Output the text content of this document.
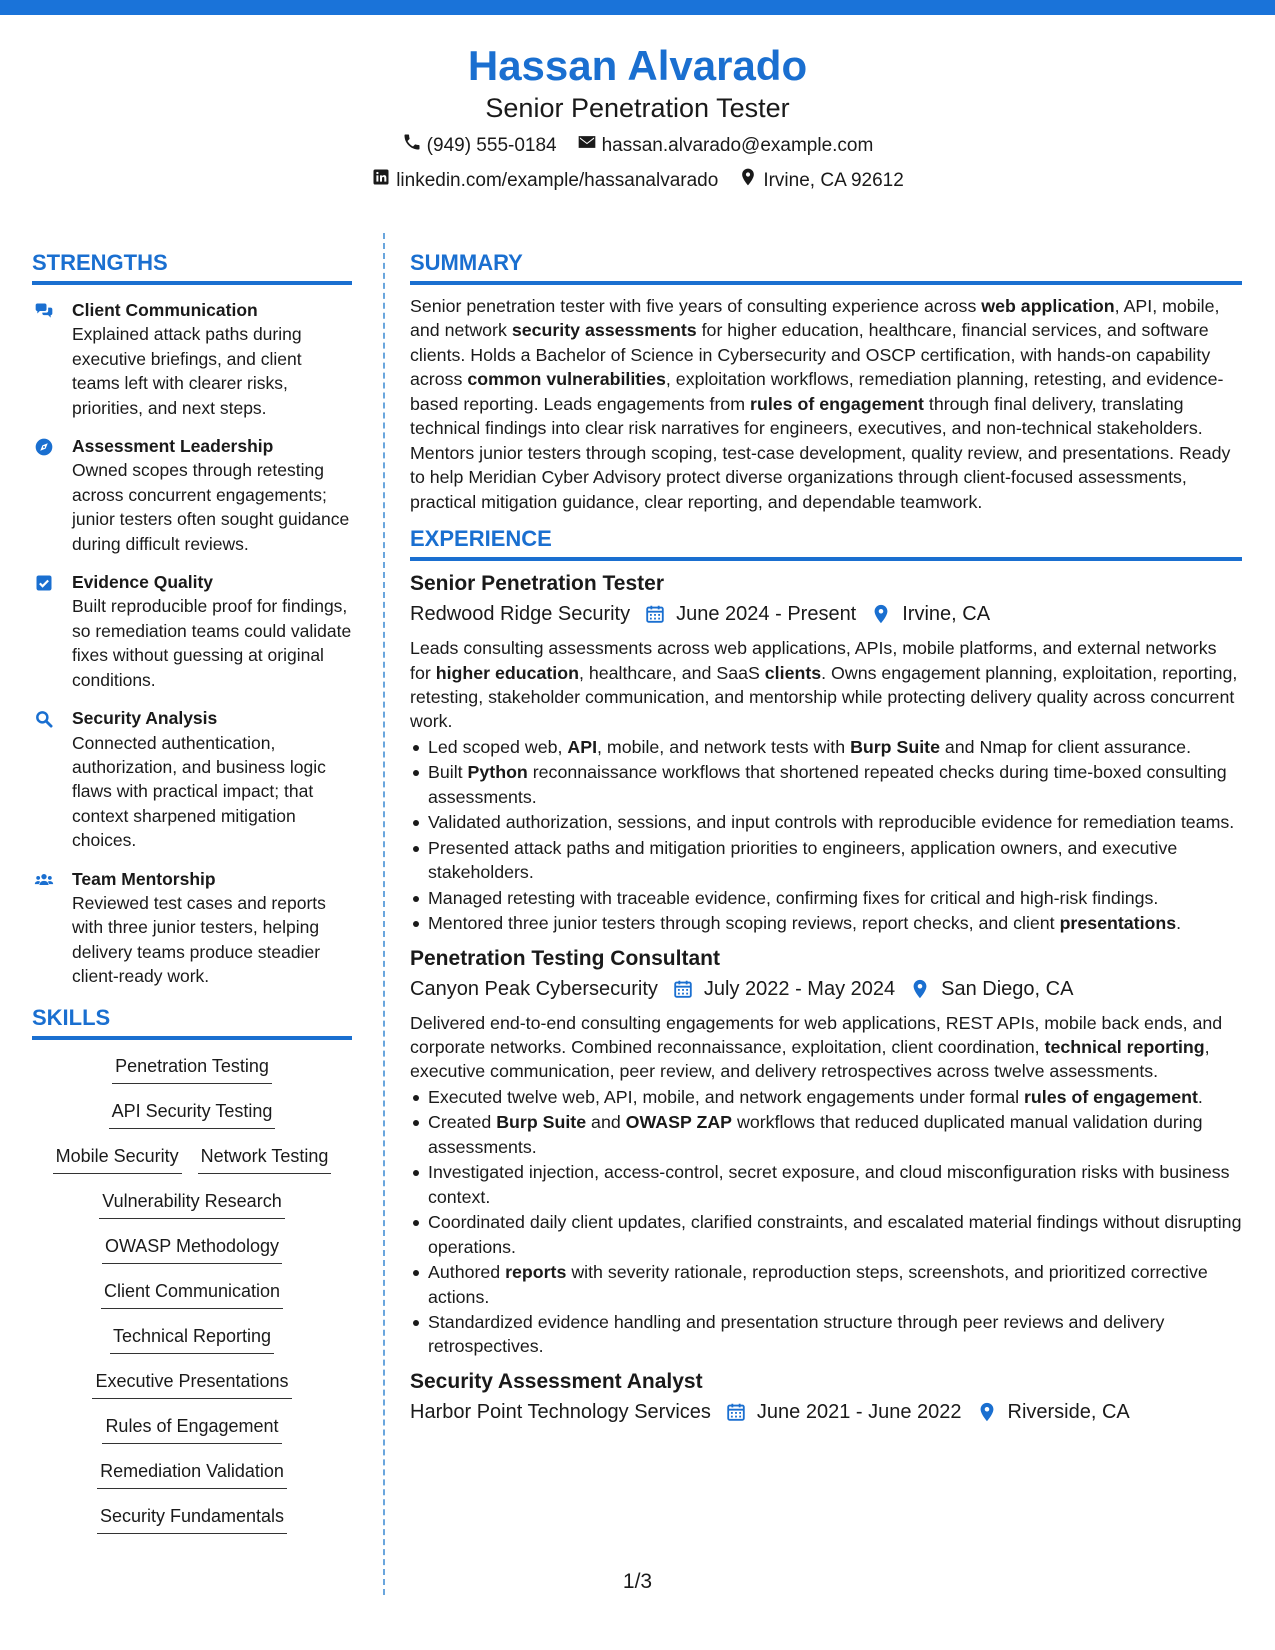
Hassan Alvarado
Senior Penetration Tester
(949) 555-0184 hassan.alvarado@example.com
linkedin.com/example/hassanalvarado Irvine, CA 92612
STRENGTHS
Client Communication
Explained attack paths during executive briefings, and client teams left with clearer risks, priorities, and next steps.
Assessment Leadership
Owned scopes through retesting across concurrent engagements; junior testers often sought guidance during difficult reviews.
Evidence Quality
Built reproducible proof for findings, so remediation teams could validate fixes without guessing at original conditions.
Security Analysis
Connected authentication, authorization, and business logic flaws with practical impact; that context sharpened mitigation choices.
Team Mentorship
Reviewed test cases and reports with three junior testers, helping delivery teams produce steadier client-ready work.
SKILLS
Penetration Testing
API Security Testing
Mobile Security Network Testing
Vulnerability Research
OWASP Methodology
Client Communication
Technical Reporting
Executive Presentations
Rules of Engagement
Remediation Validation
Security Fundamentals
SUMMARY
Senior penetration tester with five years of consulting experience across web application, API, mobile, and network security assessments for higher education, healthcare, financial services, and software clients. Holds a Bachelor of Science in Cybersecurity and OSCP certification, with hands-on capability across common vulnerabilities, exploitation workflows, remediation planning, retesting, and evidence-based reporting. Leads engagements from rules of engagement through final delivery, translating technical findings into clear risk narratives for engineers, executives, and non-technical stakeholders. Mentors junior testers through scoping, test-case development, quality review, and presentations. Ready to help Meridian Cyber Advisory protect diverse organizations through client-focused assessments, practical mitigation guidance, clear reporting, and dependable teamwork.
EXPERIENCE
Senior Penetration Tester
Redwood Ridge Security June 2024 - Present Irvine, CA
Leads consulting assessments across web applications, APIs, mobile platforms, and external networks for higher education, healthcare, and SaaS clients. Owns engagement planning, exploitation, reporting, retesting, stakeholder communication, and mentorship while protecting delivery quality across concurrent work.
Led scoped web, API, mobile, and network tests with Burp Suite and Nmap for client assurance.
Built Python reconnaissance workflows that shortened repeated checks during time-boxed consulting assessments.
Validated authorization, sessions, and input controls with reproducible evidence for remediation teams.
Presented attack paths and mitigation priorities to engineers, application owners, and executive stakeholders.
Managed retesting with traceable evidence, confirming fixes for critical and high-risk findings.
Mentored three junior testers through scoping reviews, report checks, and client presentations.
Penetration Testing Consultant
Canyon Peak Cybersecurity July 2022 - May 2024 San Diego, CA
Delivered end-to-end consulting engagements for web applications, REST APIs, mobile back ends, and corporate networks. Combined reconnaissance, exploitation, client coordination, technical reporting, executive communication, peer review, and delivery retrospectives across twelve assessments.
Executed twelve web, API, mobile, and network engagements under formal rules of engagement.
Created Burp Suite and OWASP ZAP workflows that reduced duplicated manual validation during assessments.
Investigated injection, access-control, secret exposure, and cloud misconfiguration risks with business context.
Coordinated daily client updates, clarified constraints, and escalated material findings without disrupting operations.
Authored reports with severity rationale, reproduction steps, screenshots, and prioritized corrective actions.
Standardized evidence handling and presentation structure through peer reviews and delivery retrospectives.
Security Assessment Analyst
Harbor Point Technology Services June 2021 - June 2022 Riverside, CA
1/3
